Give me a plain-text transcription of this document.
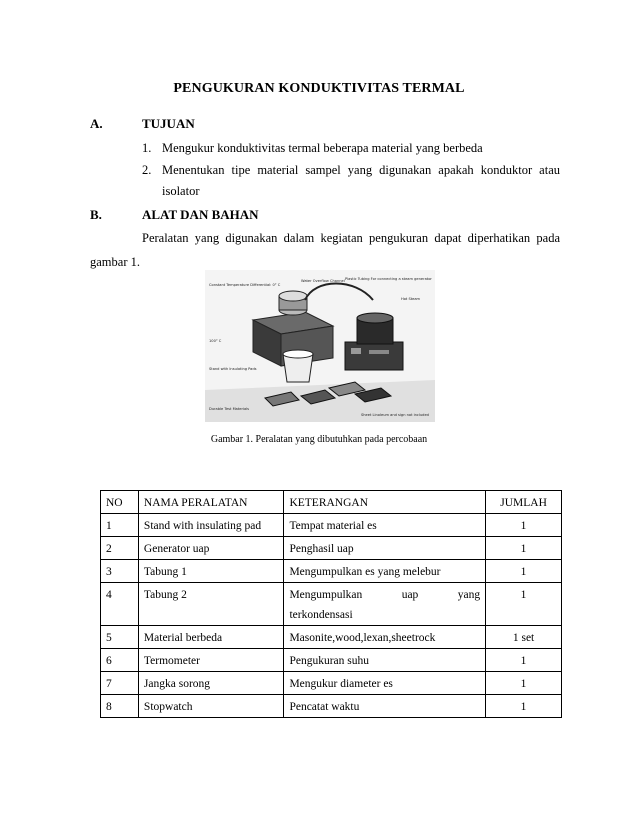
PENGUKURAN KONDUKTIVITAS TERMAL
A.	TUJUAN
1. Mengukur konduktivitas termal beberapa material yang berbeda
2. Menentukan tipe material sampel yang digunakan apakah konduktor atau
isolator
B.	ALAT DAN BAHAN
Peralatan yang digunakan dalam kegiatan pengukuran dapat diperhatikan pada
gambar 1.
Constant Temperature Differential: 0° C
Water Overflow Channel Plastic Tubing For connecting a steam generator
Hot Steam
100° C
Stand with Insulating Pads
Durable Test Materials
Sheet Linoleum and sign not included
Gambar 1. Peralatan yang dibutuhkan pada percobaan
NO	NAMA PERALATAN	KETERANGAN	JUMLAH
1	Stand with insulating pad	Tempat material es	1
2	Generator uap	Penghasil uap	1
3	Tabung 1	Mengumpulkan es yang melebur	1
4	Tabung 2	Mengumpulkan uap yang
terkondensasi	1
5	Material berbeda	Masonite,wood,lexan,sheetrock	1 set
6	Termometer	Pengukuran suhu	1
7	Jangka sorong	Mengukur diameter es	1
8	Stopwatch	Pencatat waktu	1
